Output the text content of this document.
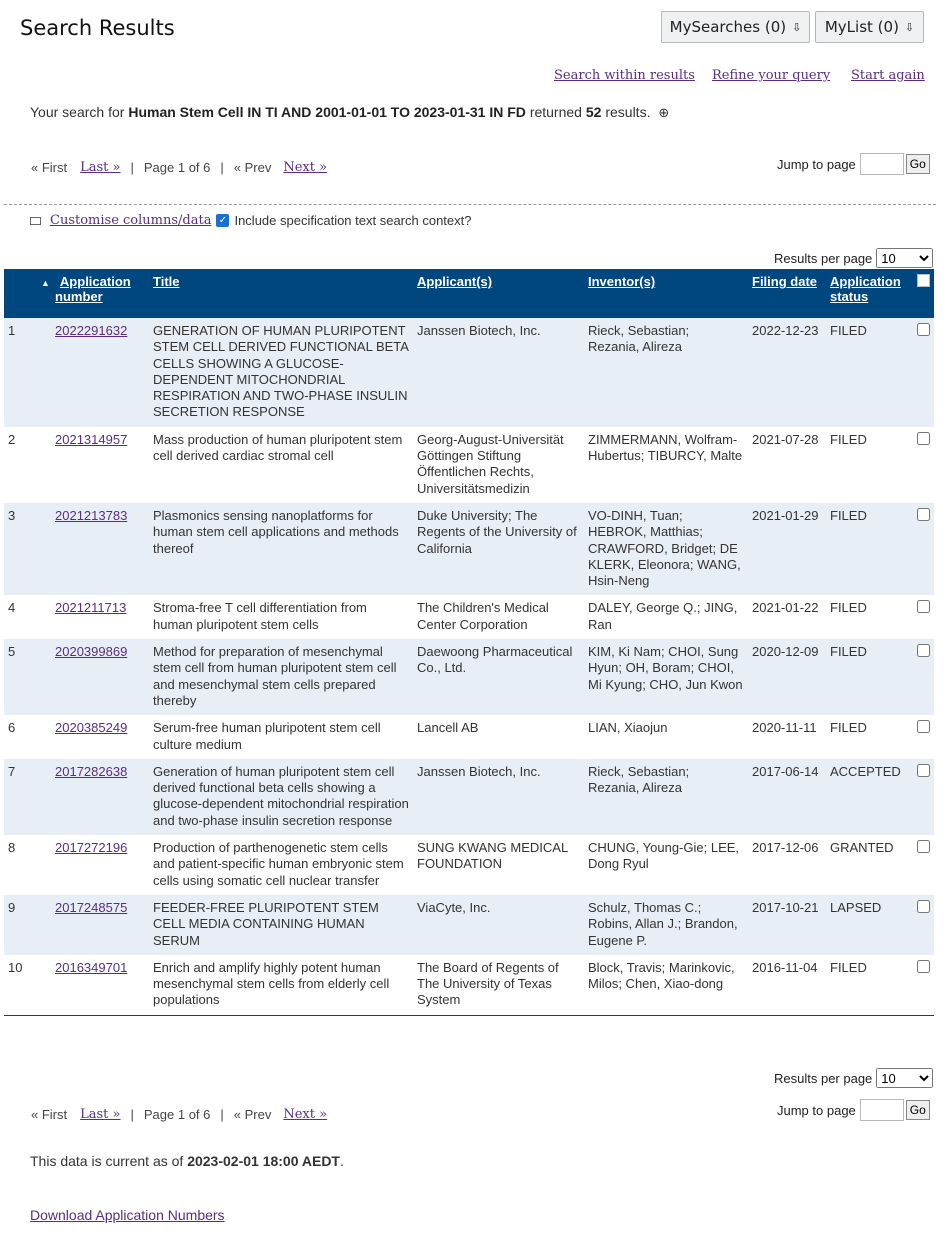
Search Results	MySearches (0) ⇩ MyList (0) ⇩
Search within results Refine your query Start again
Your search for Human Stem Cell IN TI AND 2001-01-01 TO 2023-01-31 IN FD returned 52 results. ⊕
« First Last » | Page 1 of 6 | « Prev Next »	Jump to page	Go
Customise columns/data ✓ Include specification text search context?
Results per page
10
	▲ Application
number	Title	Applicant(s)	Inventor(s)	Filing date	Application
status	
1	2022291632	GENERATION OF HUMAN PLURIPOTENT STEM CELL DERIVED FUNCTIONAL BETA CELLS SHOWING A GLUCOSE-DEPENDENT MITOCHONDRIAL RESPIRATION AND TWO-PHASE INSULIN SECRETION RESPONSE	Janssen Biotech, Inc.	Rieck, Sebastian; Rezania, Alireza	2022-12-23	FILED	
2	2021314957	Mass production of human pluripotent stem cell derived cardiac stromal cell	Georg-August-Universität Göttingen Stiftung Öffentlichen Rechts, Universitätsmedizin	ZIMMERMANN, Wolfram-Hubertus; TIBURCY, Malte	2021-07-28	FILED	
3	2021213783	Plasmonics sensing nanoplatforms for human stem cell applications and methods thereof	Duke University; The Regents of the University of California	VO-DINH, Tuan; HEBROK, Matthias; CRAWFORD, Bridget; DE KLERK, Eleonora; WANG, Hsin-Neng	2021-01-29	FILED	
4	2021211713	Stroma-free T cell differentiation from human pluripotent stem cells	The Children's Medical Center Corporation	DALEY, George Q.; JING, Ran	2021-01-22	FILED	
5	2020399869	Method for preparation of mesenchymal stem cell from human pluripotent stem cell and mesenchymal stem cells prepared thereby	Daewoong Pharmaceutical Co., Ltd.	KIM, Ki Nam; CHOI, Sung Hyun; OH, Boram; CHOI, Mi Kyung; CHO, Jun Kwon	2020-12-09	FILED	
6	2020385249	Serum-free human pluripotent stem cell culture medium	Lancell AB	LIAN, Xiaojun	2020-11-11	FILED	
7	2017282638	Generation of human pluripotent stem cell derived functional beta cells showing a glucose-dependent mitochondrial respiration and two-phase insulin secretion response	Janssen Biotech, Inc.	Rieck, Sebastian; Rezania, Alireza	2017-06-14	ACCEPTED	
8	2017272196	Production of parthenogenetic stem cells and patient-specific human embryonic stem cells using somatic cell nuclear transfer	SUNG KWANG MEDICAL FOUNDATION	CHUNG, Young-Gie; LEE, Dong Ryul	2017-12-06	GRANTED	
9	2017248575	FEEDER-FREE PLURIPOTENT STEM CELL MEDIA CONTAINING HUMAN SERUM	ViaCyte, Inc.	Schulz, Thomas C.; Robins, Allan J.; Brandon, Eugene P.	2017-10-21	LAPSED	
10	2016349701	Enrich and amplify highly potent human mesenchymal stem cells from elderly cell populations	The Board of Regents of The University of Texas System	Block, Travis; Marinkovic, Milos; Chen, Xiao-dong	2016-11-04	FILED	
Results per page
10
« First Last » | Page 1 of 6 | « Prev Next »	Jump to page	Go
This data is current as of 2023-02-01 18:00 AEDT.
Download Application Numbers
